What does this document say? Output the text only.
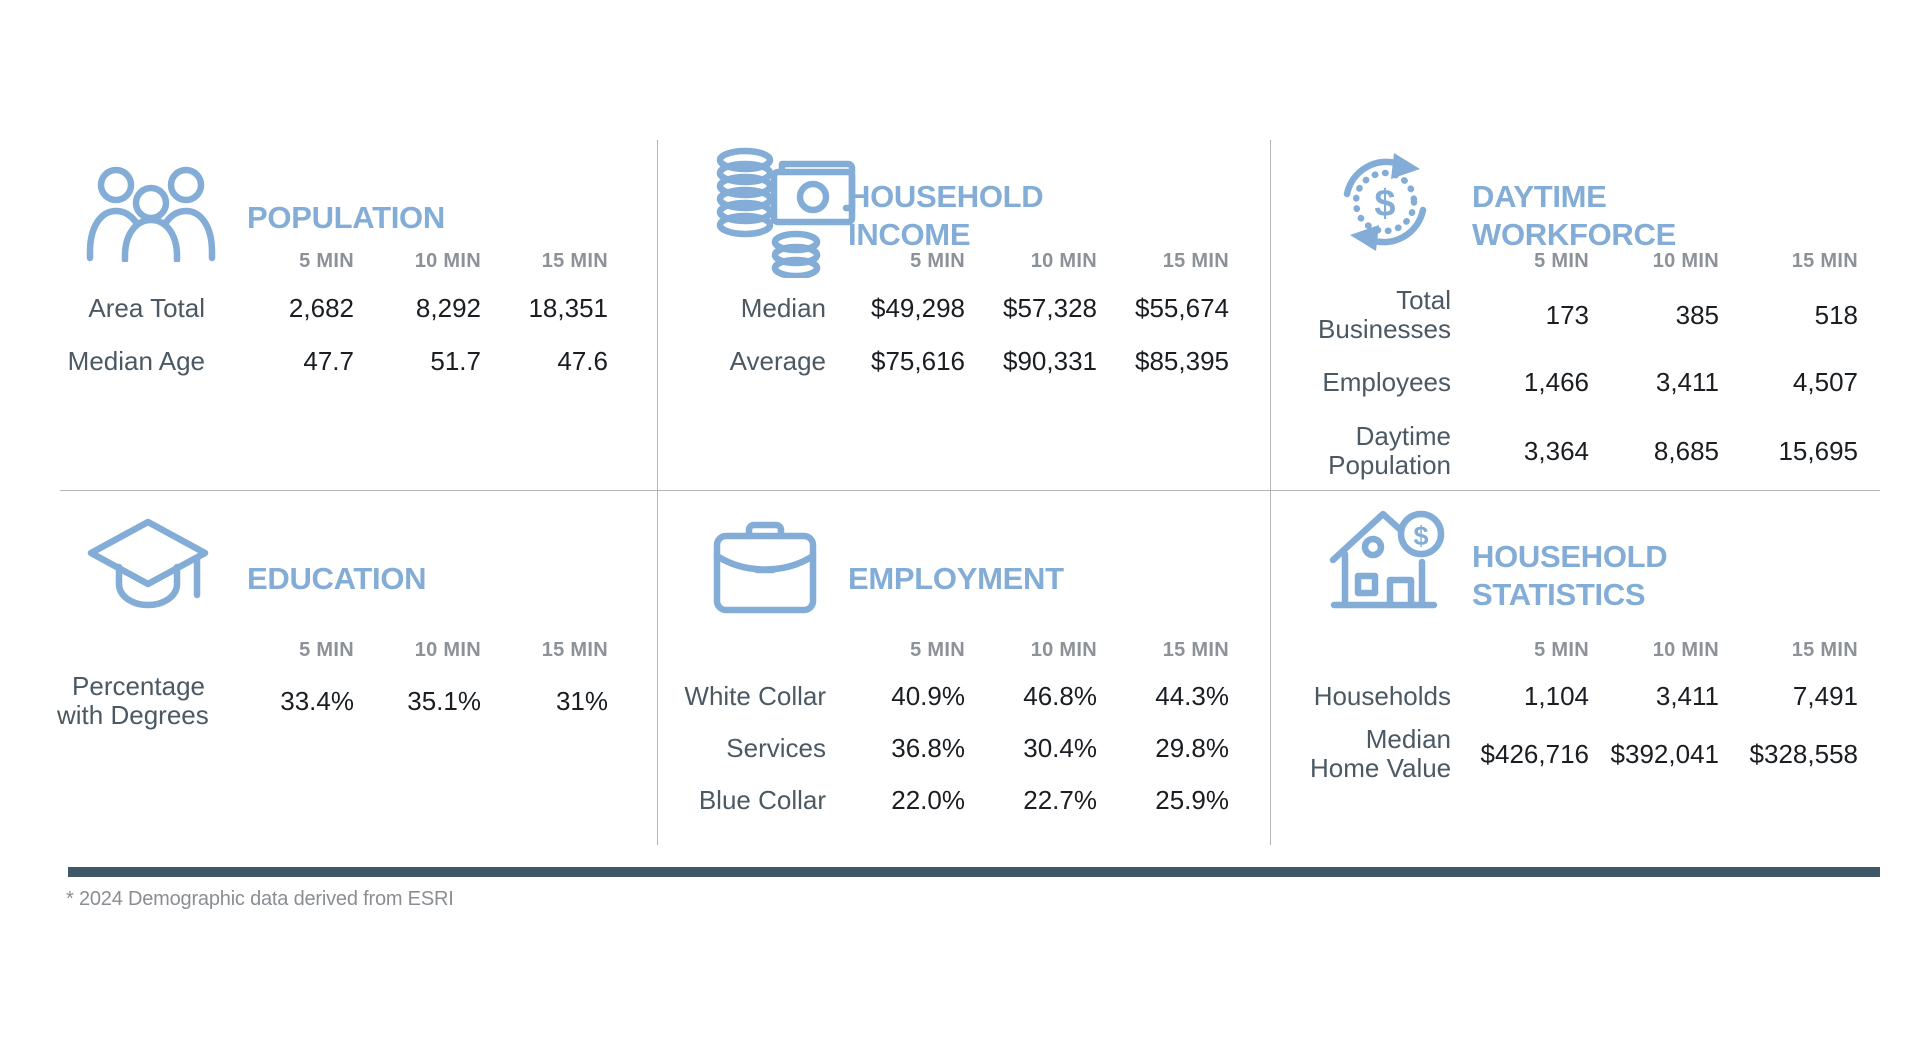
POPULATION
	5 MIN	10 MIN	15 MIN
Area Total	2,682	8,292	18,351
Median Age	47.7	51.7	47.6
HOUSEHOLD
INCOME
	5 MIN	10 MIN	15 MIN
Median	$49,298	$57,328	$55,674
Average	$75,616	$90,331	$85,395
$ DAYTIME
WORKFORCE
	5 MIN	10 MIN	15 MIN
Total
Businesses	173	385	518
Employees	1,466	3,411	4,507
Daytime
Population	3,364	8,685	15,695
EDUCATION
	5 MIN	10 MIN	15 MIN
Percentage
with Degrees	33.4%	35.1%	31%
EMPLOYMENT
	5 MIN	10 MIN	15 MIN
White Collar	40.9%	46.8%	44.3%
Services	36.8%	30.4%	29.8%
Blue Collar	22.0%	22.7%	25.9%
$
HOUSEHOLD
STATISTICS
	5 MIN	10 MIN	15 MIN
Households	1,104	3,411	7,491
Median
Home Value	$426,716	$392,041	$328,558
* 2024 Demographic data derived from ESRI
